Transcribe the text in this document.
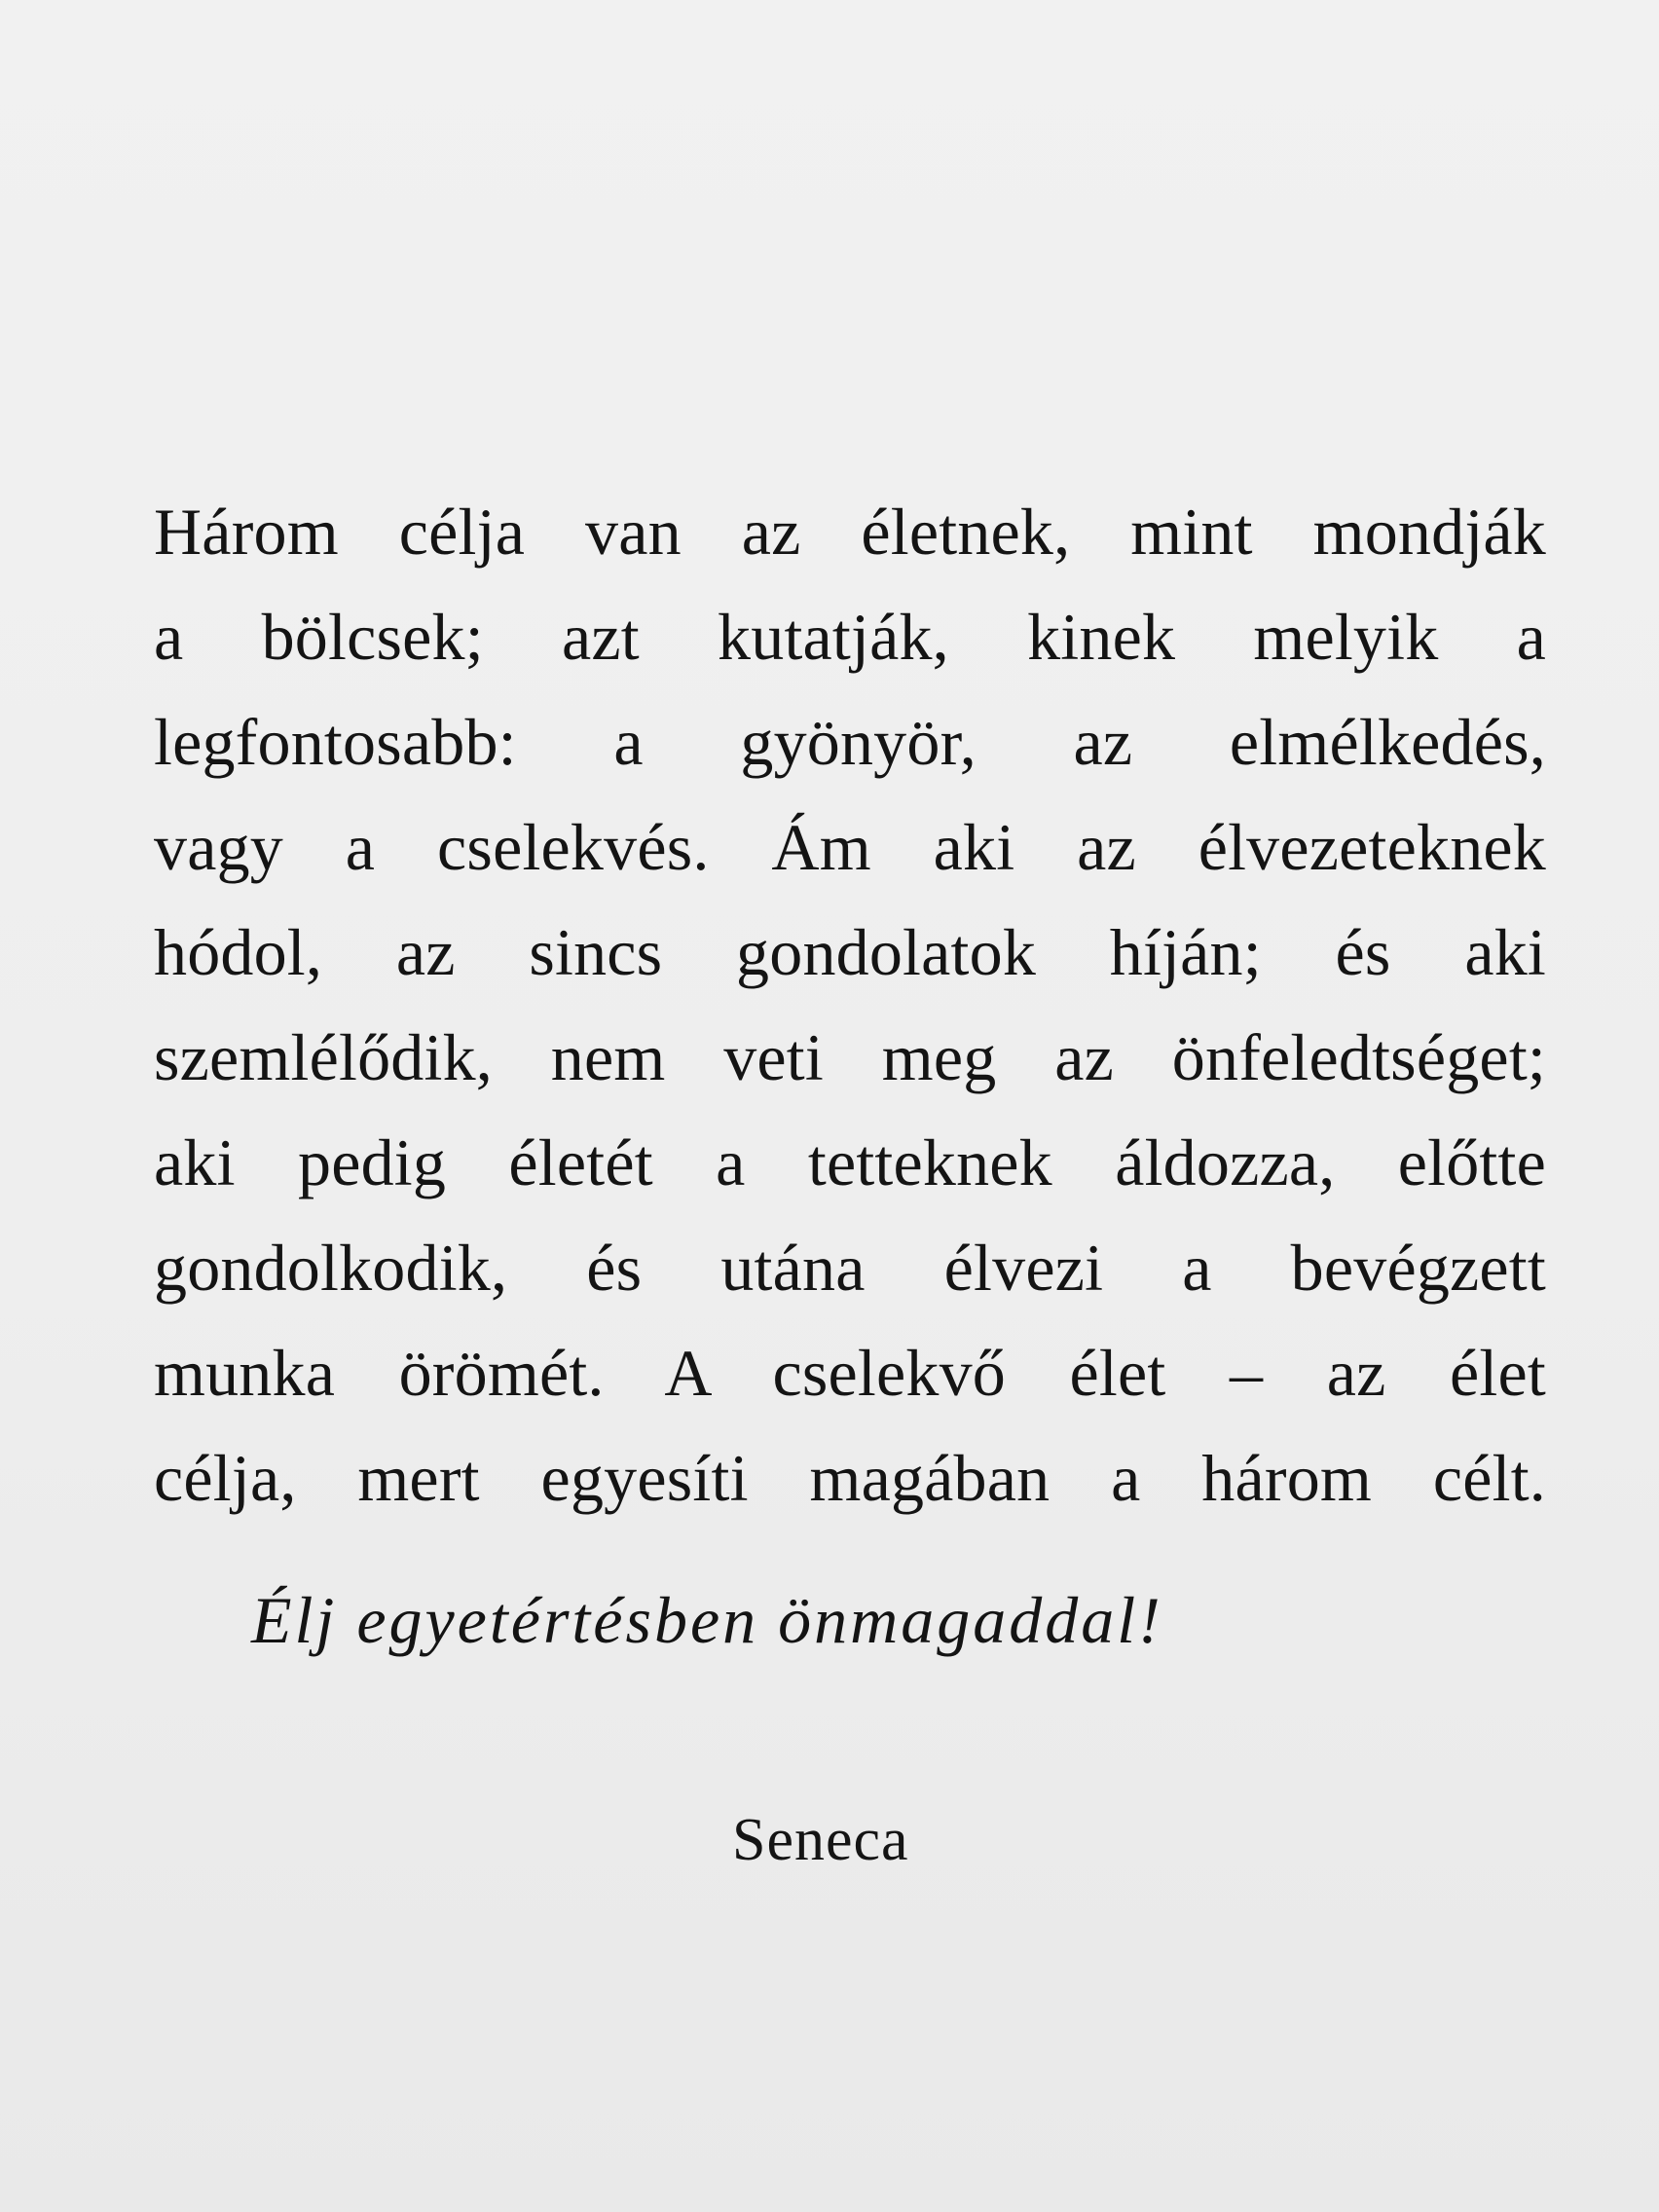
Három célja van az életnek, mint mondják
a bölcsek; azt kutatják, kinek melyik a
legfontosabb: a gyönyör, az elmélkedés,
vagy a cselekvés. Ám aki az élvezeteknek
hódol, az sincs gondolatok híján; és aki
szemlélődik, nem veti meg az önfeledtséget;
aki pedig életét a tetteknek áldozza, előtte
gondolkodik, és utána élvezi a bevégzett
munka örömét. A cselekvő élet – az élet
célja, mert egyesíti magában a három célt.
Élj egyetértésben önmagaddal!
Seneca
